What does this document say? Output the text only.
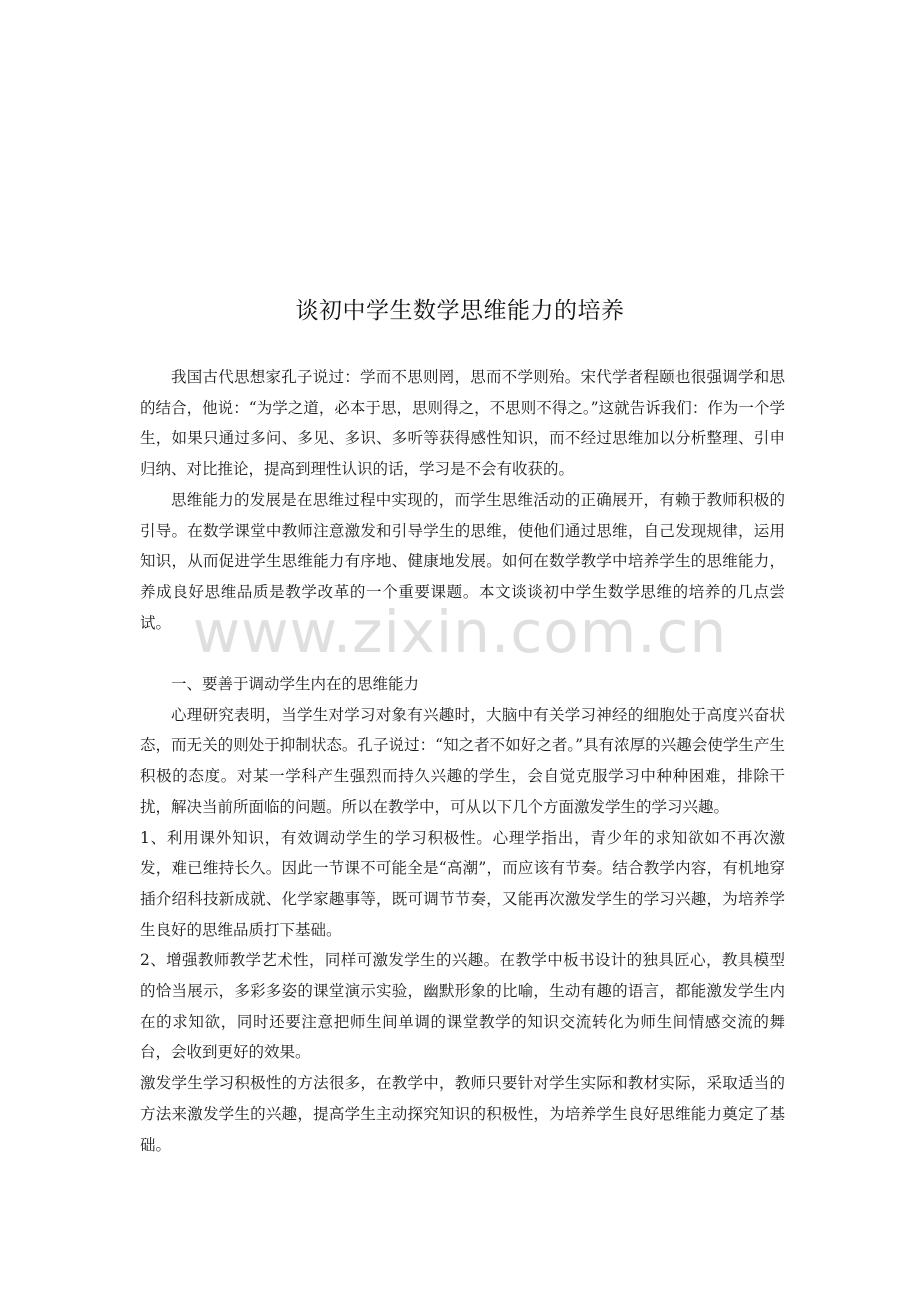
谈初中学生数学思维能力的培养

我国古代思想家孔子说过：学而不思则罔，思而不学则殆。宋代学者程颐也很强调学和思的结合，他说：“为学之道，必本于思，思则得之，不思则不得之。”这就告诉我们：作为一个学生，如果只通过多问、多见、多识、多听等获得感性知识，而不经过思维加以分析整理、引申归纳、对比推论，提高到理性认识的话，学习是不会有收获的。

思维能力的发展是在思维过程中实现的，而学生思维活动的正确展开，有赖于教师积极的引导。在数学课堂中教师注意激发和引导学生的思维，使他们通过思维，自己发现规律，运用知识，从而促进学生思维能力有序地、健康地发展。如何在数学教学中培养学生的思维能力，养成良好思维品质是教学改革的一个重要课题。本文谈谈初中学生数学思维的培养的几点尝试。

一、要善于调动学生内在的思维能力

心理研究表明，当学生对学习对象有兴趣时，大脑中有关学习神经的细胞处于高度兴奋状态，而无关的则处于抑制状态。孔子说过：“知之者不如好之者。”具有浓厚的兴趣会使学生产生积极的态度。对某一学科产生强烈而持久兴趣的学生，会自觉克服学习中种种困难，排除干扰，解决当前所面临的问题。所以在教学中，可从以下几个方面激发学生的学习兴趣。

1、利用课外知识，有效调动学生的学习积极性。心理学指出，青少年的求知欲如不再次激发，难已维持长久。因此一节课不可能全是“高潮”，而应该有节奏。结合教学内容，有机地穿插介绍科技新成就、化学家趣事等，既可调节节奏，又能再次激发学生的学习兴趣，为培养学生良好的思维品质打下基础。

2、增强教师教学艺术性，同样可激发学生的兴趣。在教学中板书设计的独具匠心，教具模型的恰当展示，多彩多姿的课堂演示实验，幽默形象的比喻，生动有趣的语言，都能激发学生内在的求知欲，同时还要注意把师生间单调的课堂教学的知识交流转化为师生间情感交流的舞台，会收到更好的效果。

激发学生学习积极性的方法很多，在教学中，教师只要针对学生实际和教材实际，采取适当的方法来激发学生的兴趣，提高学生主动探究知识的积极性，为培养学生良好思维能力奠定了基础。

www.zixin.com.cn
